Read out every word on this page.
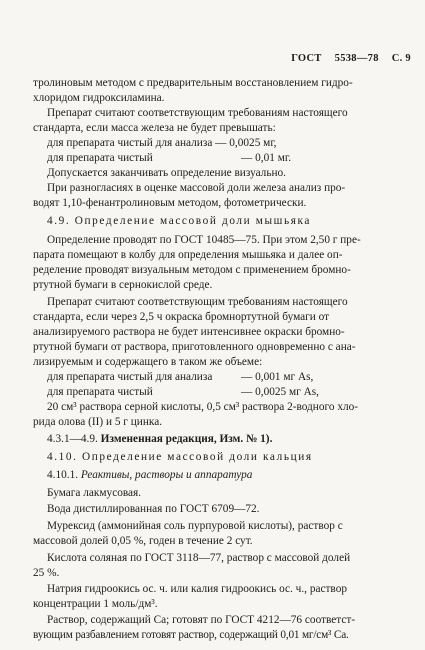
ГОСТ 5538—78 С. 9
тролиновым методом с предварительным восстановлением гидро-
хлоридом гидроксиламина.
Препарат считают соответствующим требованиям настоящего
стандарта, если масса железа не будет превышать:
для препарата чистый для анализа — 0,0025 мг,
для препарата чистый	— 0,01 мг.
Допускается заканчивать определение визуально.
При разногласиях в оценке массовой доли железа анализ про-
водят 1,10-фенантролиновым методом, фотометрически.
4.9. Определение массовой доли мышьяка
Определение проводят по ГОСТ 10485—75. При этом 2,50 г пре-
парата помещают в колбу для определения мышьяка и далее оп-
ределение проводят визуальным методом с применением бромно-
ртутной бумаги в сернокислой среде.
Препарат считают соответствующим требованиям настоящего
стандарта, если через 2,5 ч окраска бромнортутной бумаги от
анализируемого раствора не будет интенсивнее окраски бромно-
ртутной бумаги от раствора, приготовленного одновременно с ана-
лизируемым и содержащего в таком же объеме:
для препарата чистый для анализа	— 0,001 мг As,
для препарата чистый	— 0,0025 мг As,
20 см³ раствора серной кислоты, 0,5 см³ раствора 2-водного хло-
рида олова (II) и 5 г цинка.
4.3.1—4.9. Измененная редакция, Изм. № 1).
4.10. Определение массовой доли кальция
4.10.1. Реактивы, растворы и аппаратура
Бумага лакмусовая.
Вода дистиллированная по ГОСТ 6709—72.
Мурексид (аммонийная соль пурпуровой кислоты), раствор с
массовой долей 0,05 %, годен в течение 2 сут.
Кислота соляная по ГОСТ 3118—77, раствор с массовой долей
25 %.
Натрия гидроокись ос. ч. или калия гидроокись ос. ч., раствор
концентрации 1 моль/дм³.
Раствор, содержащий Са; готовят по ГОСТ 4212—76 соответст-
вующим разбавлением готовят раствор, содержащий 0,01 мг/см³ Са.
